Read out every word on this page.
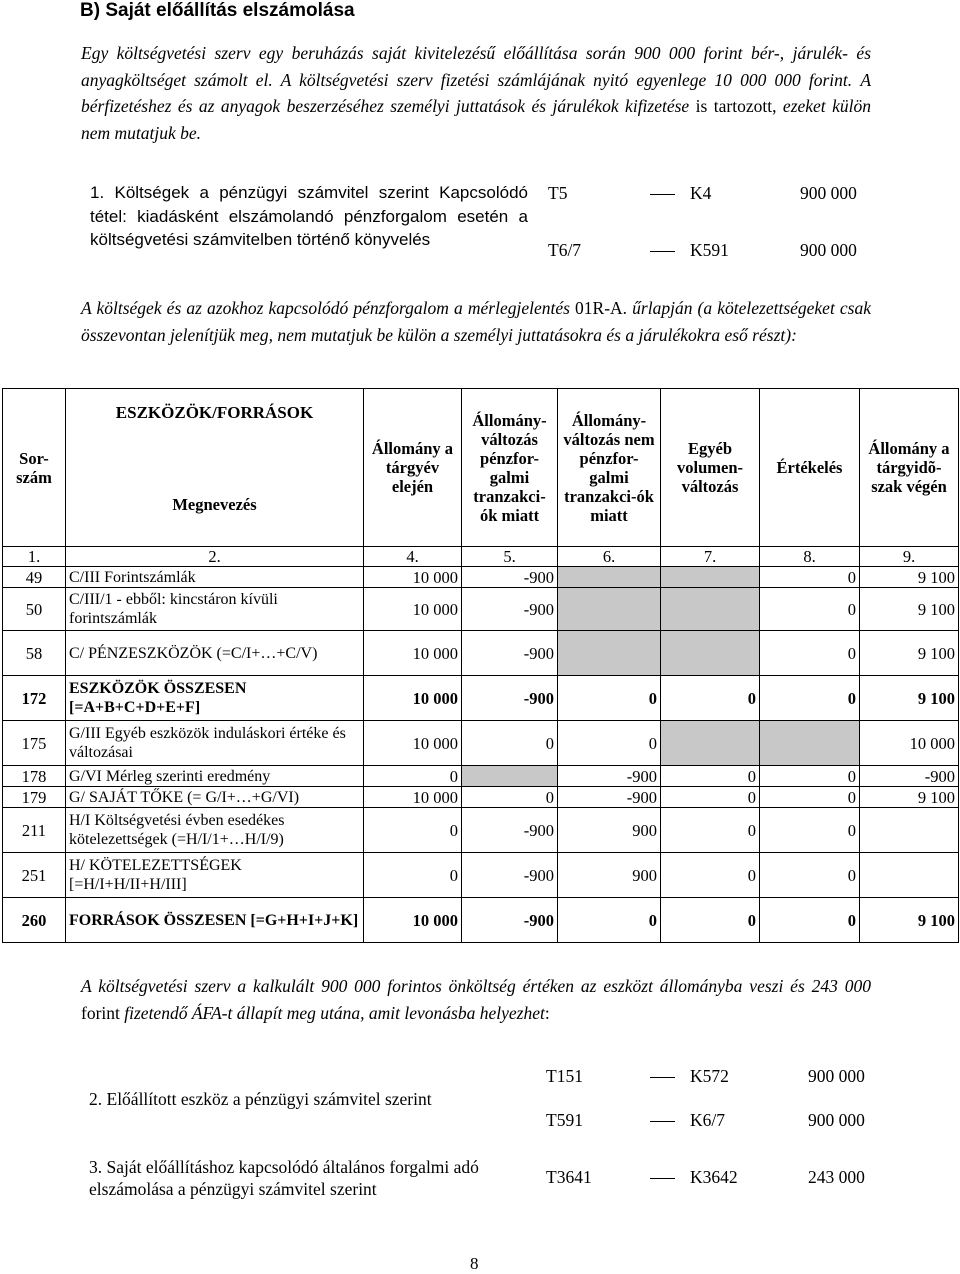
B) Saját előállítás elszámolása
Egy költségvetési szerv egy beruházás saját kivitelezésű előállítása során 900 000 forint bér-, járulék- és anyagköltséget számolt el. A költségvetési szerv fizetési számlájának nyitó egyenlege 10 000 000 forint. A bérfizetéshez és az anyagok beszerzéséhez személyi juttatások és járulékok kifizetése is tartozott, ezeket külön nem mutatjuk be.
1. Költségek a pénzügyi számvitel szerint Kapcsolódó tétel: kiadásként elszámolandó pénzforgalom esetén a költségvetési számvitelben történő könyvelés
T5	K4	900 000
T6/7	K591	900 000
A költségek és az azokhoz kapcsolódó pénzforgalom a mérlegjelentés 01R-A. űrlapján (a kötelezettségeket csak összevontan jelenítjük meg, nem mutatjuk be külön a személyi juttatásokra és a járulékokra eső részt):
Sor-szám	ESZKÖZÖK/FORRÁSOK	Állomány a tárgyév elején	Állomány-változás pénzfor-galmi tranzakci-ók miatt	Állomány-változás nem pénzfor-galmi tranzakci-ók miatt	Egyéb volumen-változás	Értékelés	Állomány a tárgyidõ-szak végén
	Megnevezés						
1.	2.	4.	5.	6.	7.	8.	9.
49	C/III Forintszámlák	10 000	-900			0	9 100
50	C/III/1 - ebből: kincstáron kívüli forintszámlák	10 000	-900			0	9 100
58	C/ PÉNZESZKÖZÖK (=C/I+…+C/V)	10 000	-900			0	9 100
172	ESZKÖZÖK ÖSSZESEN [=A+B+C+D+E+F]	10 000	-900	0	0	0	9 100
175	G/III Egyéb eszközök induláskori értéke és változásai	10 000	0	0			10 000
178	G/VI Mérleg szerinti eredmény	0		-900	0	0	-900
179	G/ SAJÁT TŐKE (= G/I+…+G/VI)	10 000	0	-900	0	0	9 100
211	H/I Költségvetési évben esedékes kötelezettségek (=H/I/1+…H/I/9)	0	-900	900	0	0	
251	H/ KÖTELEZETTSÉGEK [=H/I+H/II+H/III]	0	-900	900	0	0	
260	FORRÁSOK ÖSSZESEN [=G+H+I+J+K]	10 000	-900	0	0	0	9 100
A költségvetési szerv a kalkulált 900 000 forintos önköltség értéken az eszközt állományba veszi és 243 000 forint fizetendő ÁFA-t állapít meg utána, amit levonásba helyezhet:
2. Előállított eszköz a pénzügyi számvitel szerint
T151	K572	900 000
T591	K6/7	900 000
3. Saját előállításhoz kapcsolódó általános forgalmi adó elszámolása a pénzügyi számvitel szerint
T3641	K3642	243 000
8
